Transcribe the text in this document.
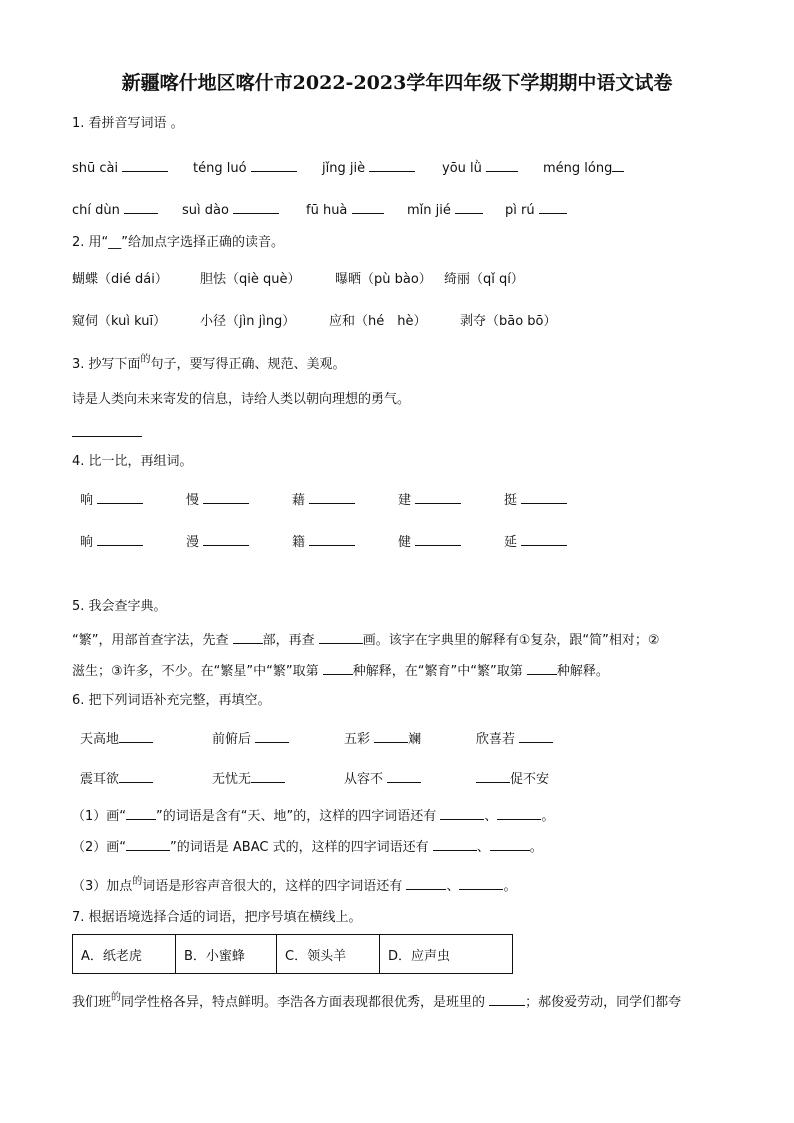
新疆喀什地区喀什市2022-2023学年四年级下学期期中语文试卷
1. 看拼音写词语 。
shū cài	téng luó	jǐng jiè	yōu lǜ	méng lóng
chí dùn	suì dào	fū huà	mǐn jié	pì rú
2. 用“__”给加点字选择正确的读音。
蝴蝶（dié dái） 胆怯（qiè què）	曝晒（pù bào） 绮丽（qǐ qí）
窥伺（kuì kuī）	小径（jìn jìng）	应和（hé　hè）	剥夺（bāo bō）
3. 抄写下面$^的$句子，要写得正确、规范、美观。
诗是人类向未来寄发的信息，诗给人类以朝向理想的勇气。
4. 比一比，再组词。
响	慢	藉	建	挺
晌	漫	籍	健	延
5. 我会查字典。
“繁”，用部首查字法，先查	部，再查	画。该字在字典里的解释有①复杂，跟“简”相对；②
滋生；③许多，不少。在“繁星”中“繁”取第	种解释，在“繁育”中“繁”取第	种解释。
6. 把下列词语补充完整，再填空。
天高地	前俯后	五彩	斓	欣喜若
震耳欲	无忧无	从容不	促不安
（1）画“ ”的词语是含有“天、地”的，这样的四字词语还有	、	。
（2）画“	”的词语是 ABAC 式的，这样的四字词语还有	、	。
（3）加点$^的$词语是形容声音很大的，这样的四字词语还有	、	。
7. 根据语境选择合适的词语，把序号填在横线上。
A．纸老虎	B．小蜜蜂	C．领头羊	D．应声虫
我们班$^的$同学性格各异，特点鲜明。李浩各方面表现都很优秀，是班里的	；郝俊爱劳动，同学们都夸
